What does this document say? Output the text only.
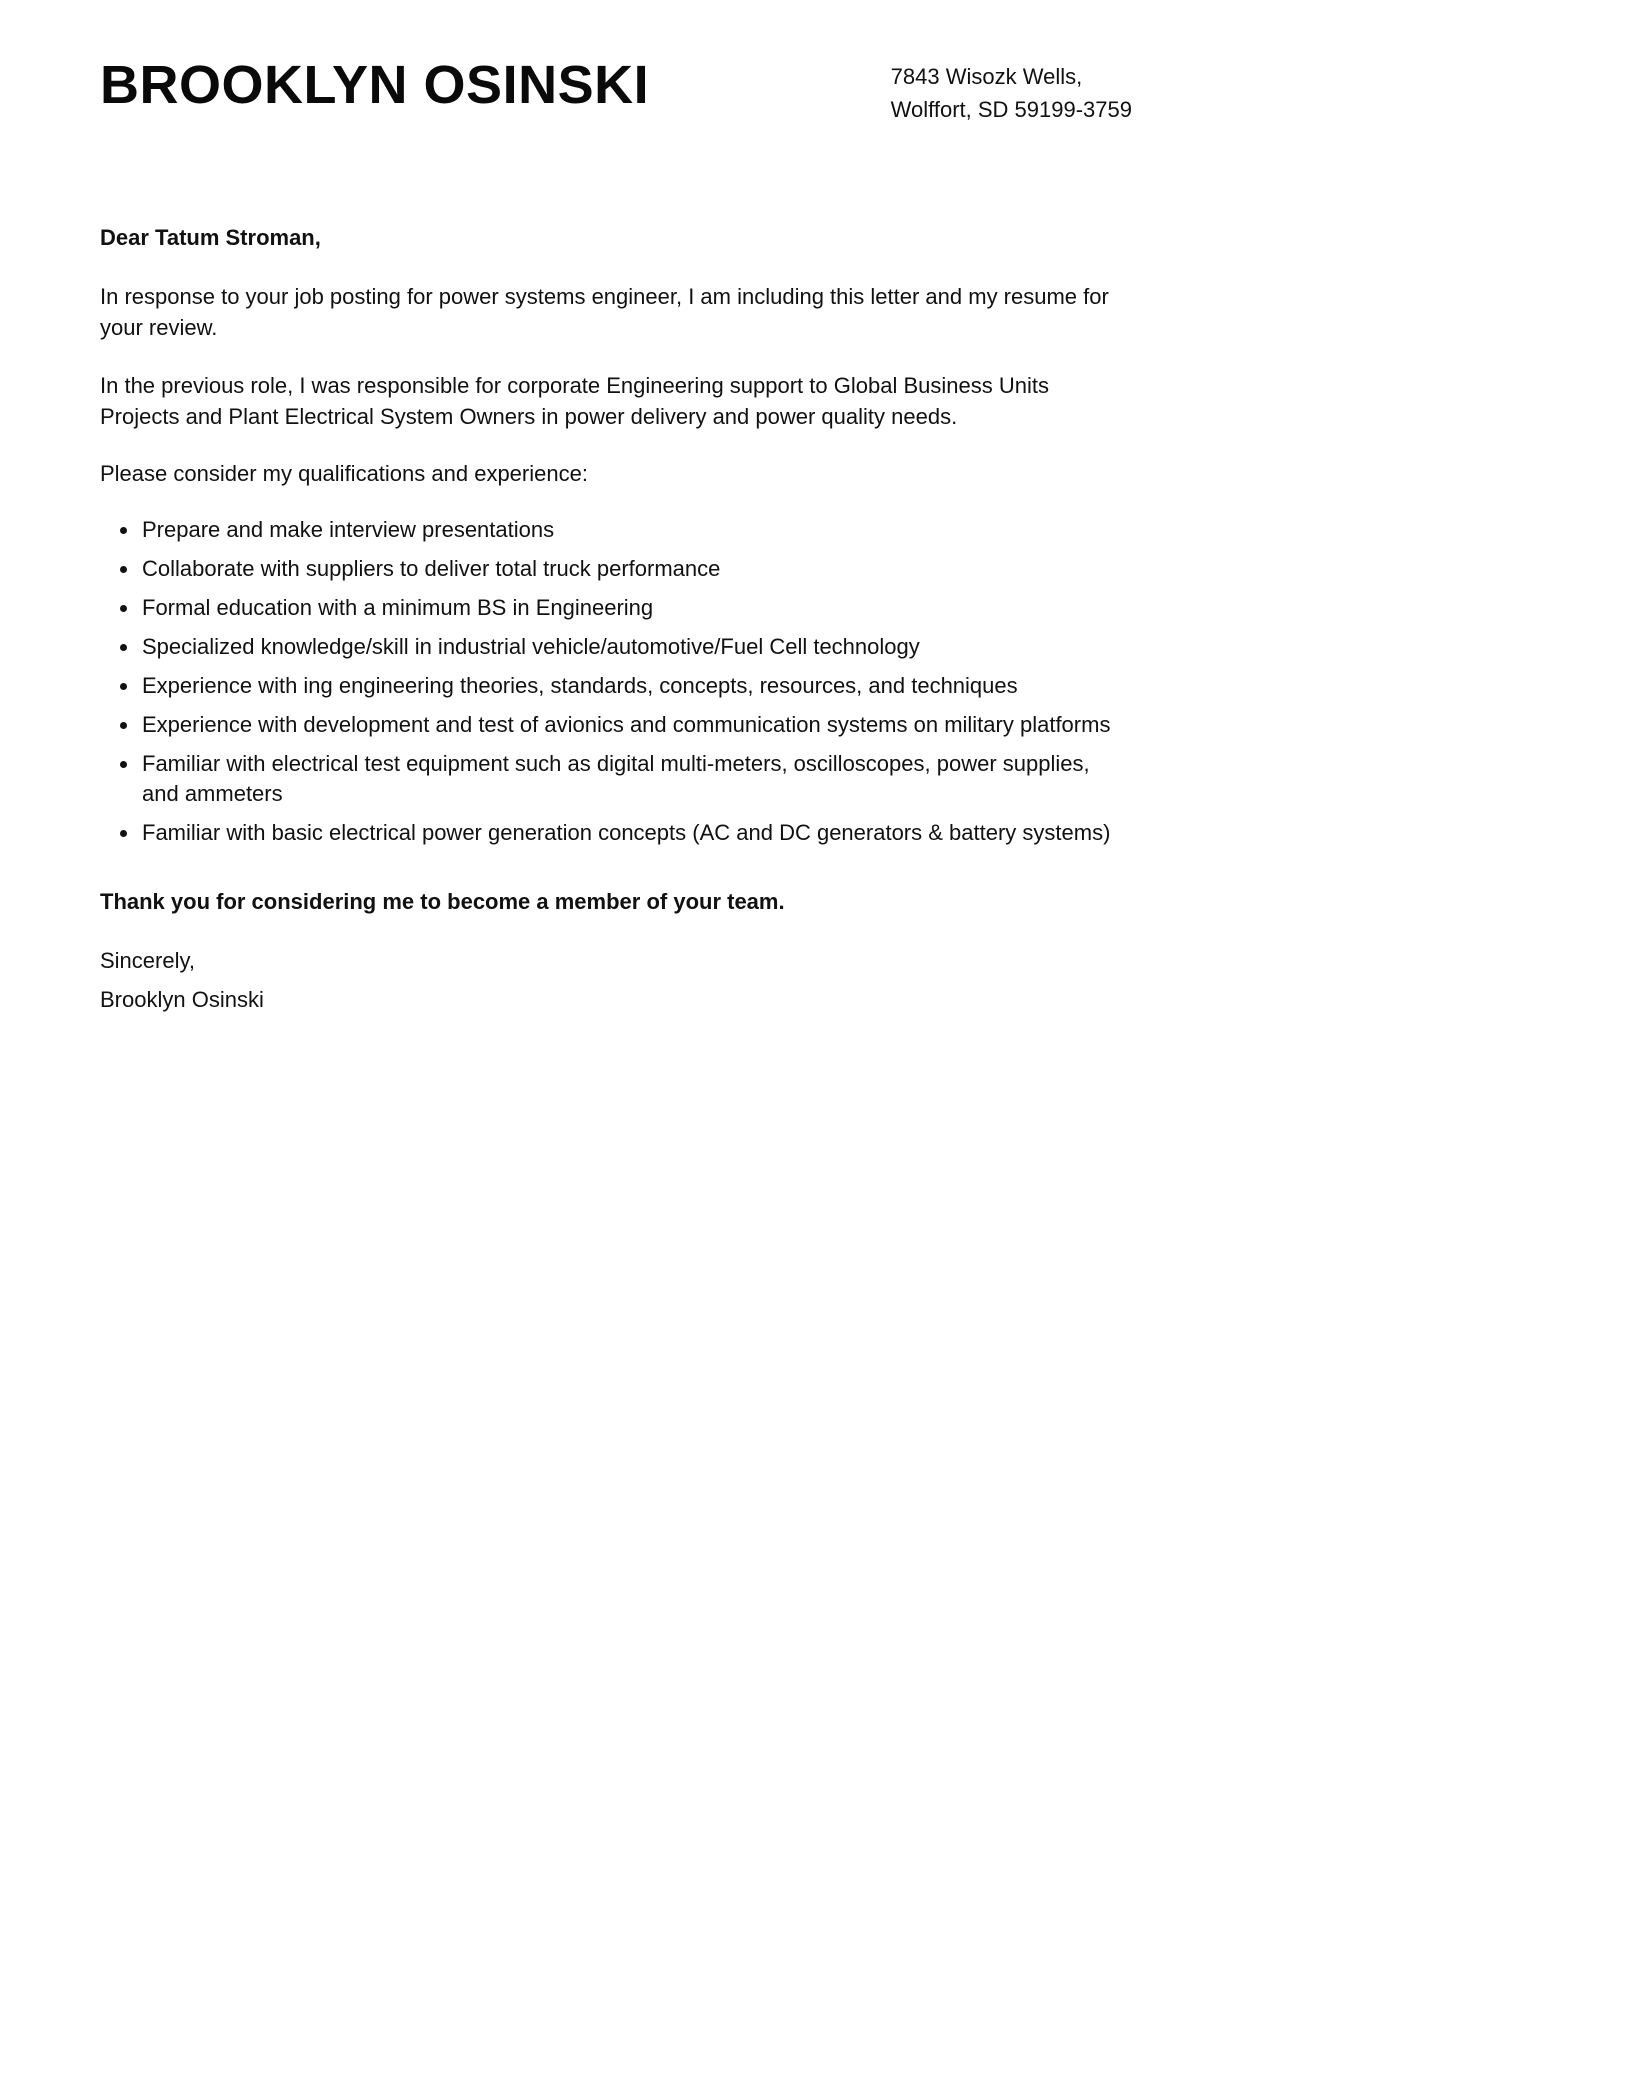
BROOKLYN OSINSKI	7843 Wisozk Wells,
Wolffort, SD 59199-3759
Dear Tatum Stroman,

In response to your job posting for power systems engineer, I am including this letter and my resume for your review.

In the previous role, I was responsible for corporate Engineering support to Global Business Units Projects and Plant Electrical System Owners in power delivery and power quality needs.

Please consider my qualifications and experience:

• Prepare and make interview presentations
• Collaborate with suppliers to deliver total truck performance
• Formal education with a minimum BS in Engineering
• Specialized knowledge/skill in industrial vehicle/automotive/Fuel Cell technology
• Experience with ing engineering theories, standards, concepts, resources, and techniques
• Experience with development and test of avionics and communication systems on military platforms
• Familiar with electrical test equipment such as digital multi-meters, oscilloscopes, power supplies, and ammeters
• Familiar with basic electrical power generation concepts (AC and DC generators & battery systems)
Thank you for considering me to become a member of your team.
Sincerely,
Brooklyn Osinski
